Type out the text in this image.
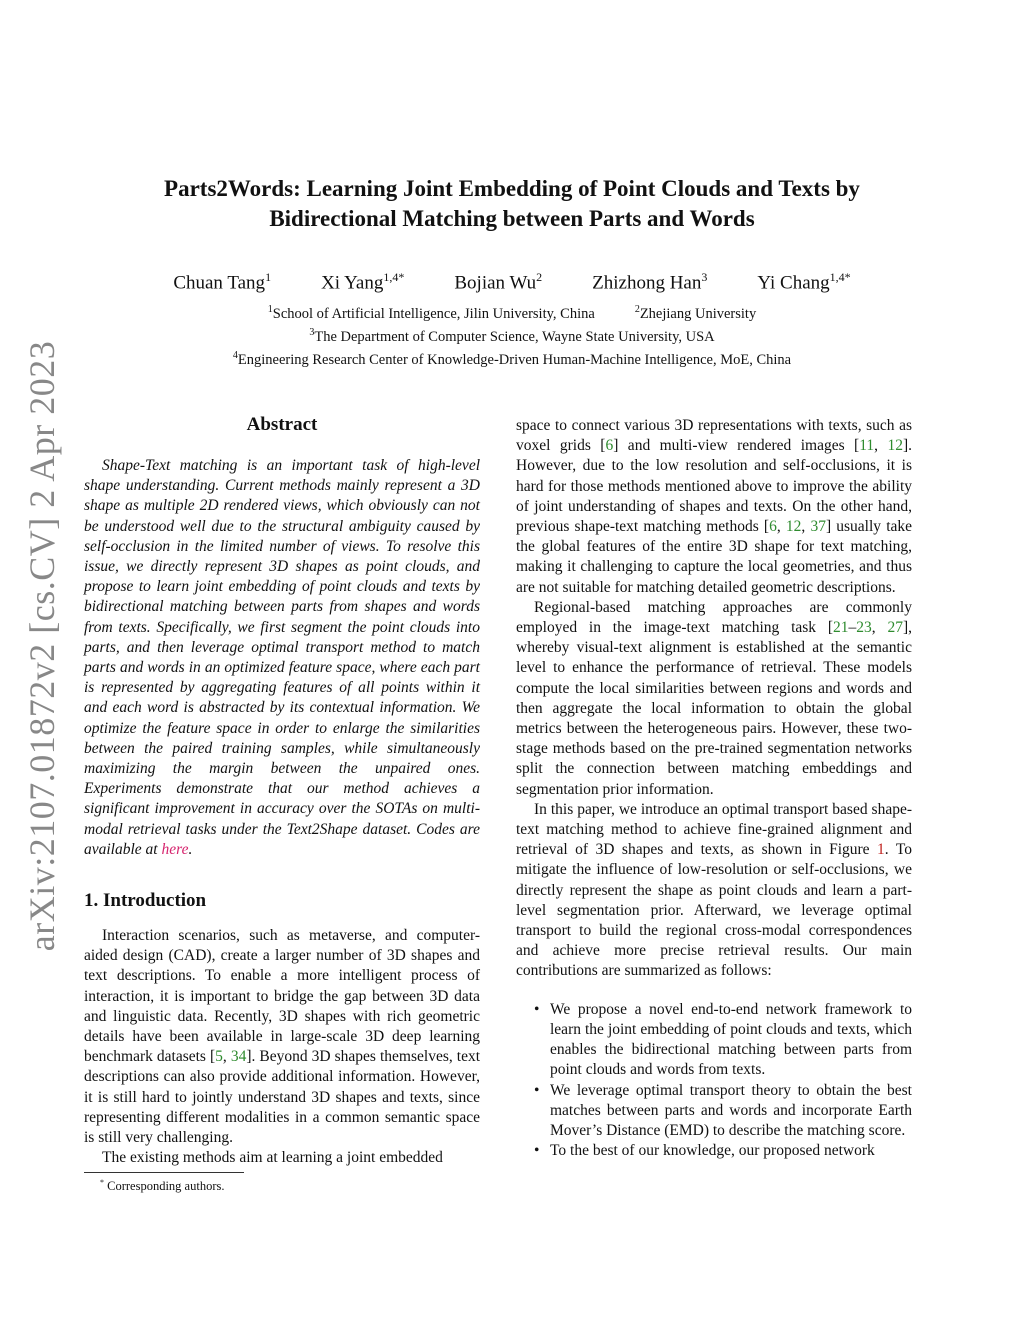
arXiv:2107.01872v2 [cs.CV] 2 Apr 2023
Parts2Words: Learning Joint Embedding of Point Clouds and Texts by
Bidirectional Matching between Parts and Words
Chuan Tang$^1$	Xi Yang$^{1,4*}$	Bojian Wu$^2$	Zhizhong Han$^3$	Yi Chang$^{1,4*}$
$^1$School of Artificial Intelligence, Jilin University, China	$^2$Zhejiang University
$^3$The Department of Computer Science, Wayne State University, USA
$^4$Engineering Research Center of Knowledge-Driven Human-Machine Intelligence, MoE, China
Abstract

Shape-Text matching is an important task of high-level shape understanding. Current methods mainly represent a 3D shape as multiple 2D rendered views, which obviously can not be understood well due to the structural ambiguity caused by self-occlusion in the limited number of views. To resolve this issue, we directly represent 3D shapes as point clouds, and propose to learn joint embedding of point clouds and texts by bidirectional matching between parts from shapes and words from texts. Specifically, we first segment the point clouds into parts, and then leverage optimal transport method to match parts and words in an optimized feature space, where each part is represented by aggregating features of all points within it and each word is abstracted by its contextual information. We optimize the feature space in order to enlarge the similarities between the paired training samples, while simultaneously maximizing the margin between the unpaired ones. Experiments demonstrate that our method achieves a significant improvement in accuracy over the SOTAs on multi-modal retrieval tasks under the Text2Shape dataset. Codes are available at here.

1. Introduction

Interaction scenarios, such as metaverse, and computer-aided design (CAD), create a larger number of 3D shapes and text descriptions. To enable a more intelligent process of interaction, it is important to bridge the gap between 3D data and linguistic data. Recently, 3D shapes with rich geometric details have been available in large-scale 3D deep learning benchmark datasets [5, 34]. Beyond 3D shapes themselves, text descriptions can also provide additional information. However, it is still hard to jointly understand 3D shapes and texts, since representing different modalities in a common semantic space is still very challenging.

The existing methods aim at learning a joint embedded

* Corresponding authors.

space to connect various 3D representations with texts, such as voxel grids [6] and multi-view rendered images [11, 12]. However, due to the low resolution and self-occlusions, it is hard for those methods mentioned above to improve the ability of joint understanding of shapes and texts. On the other hand, previous shape-text matching methods [6, 12, 37] usually take the global features of the entire 3D shape for text matching, making it challenging to capture the local geometries, and thus are not suitable for matching detailed geometric descriptions.

Regional-based matching approaches are commonly employed in the image-text matching task [21–23, 27], whereby visual-text alignment is established at the semantic level to enhance the performance of retrieval. These models compute the local similarities between regions and words and then aggregate the local information to obtain the global metrics between the heterogeneous pairs. However, these two-stage methods based on the pre-trained segmentation networks split the connection between matching embeddings and segmentation prior information.

In this paper, we introduce an optimal transport based shape-text matching method to achieve fine-grained alignment and retrieval of 3D shapes and texts, as shown in Figure 1. To mitigate the influence of low-resolution or self-occlusions, we directly represent the shape as point clouds and learn a part-level segmentation prior. Afterward, we leverage optimal transport to build the regional cross-modal correspondences and achieve more precise retrieval results. Our main contributions are summarized as follows:

• We propose a novel end-to-end network framework to learn the joint embedding of point clouds and texts, which enables the bidirectional matching between parts from point clouds and words from texts.
• We leverage optimal transport theory to obtain the best matches between parts and words and incorporate Earth Mover’s Distance (EMD) to describe the matching score.
• To the best of our knowledge, our proposed network
